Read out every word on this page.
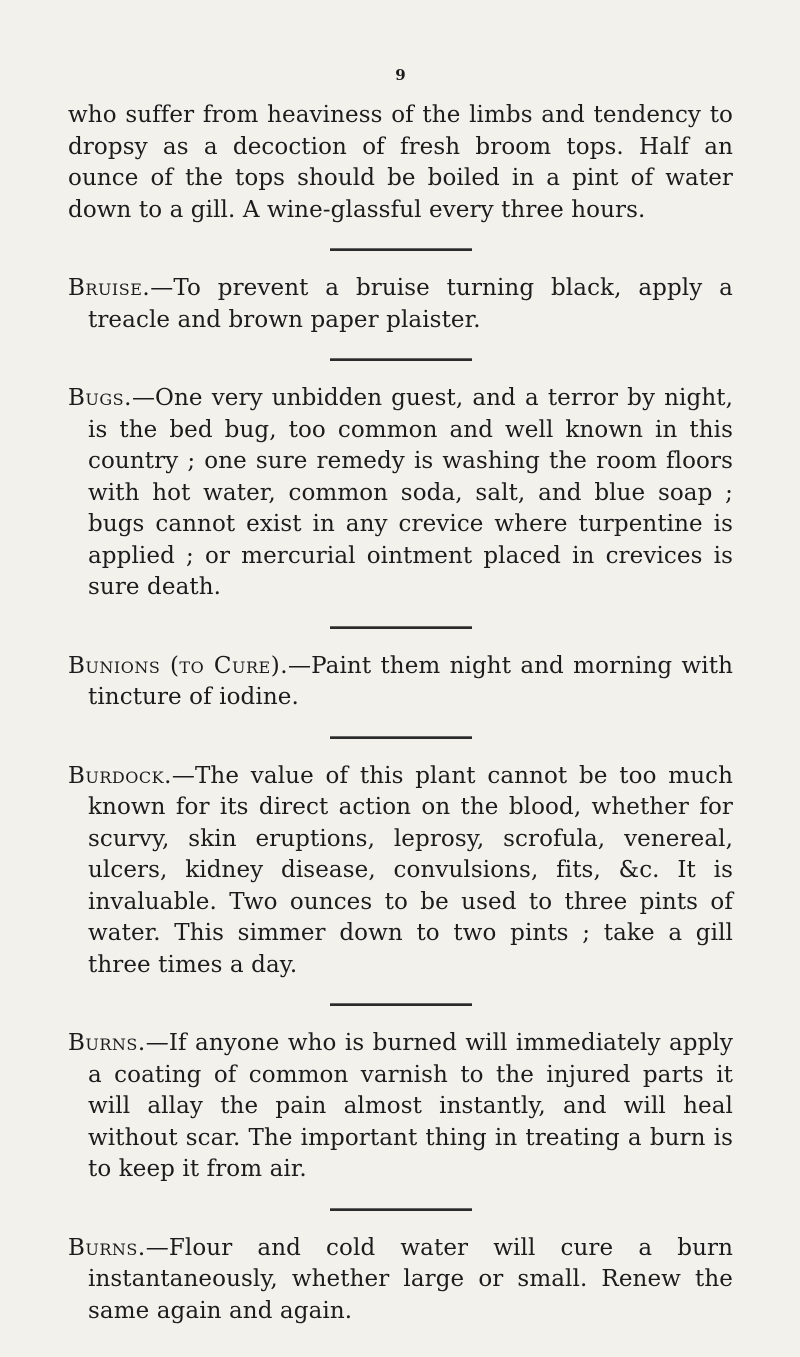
9

who suffer from heaviness of the limbs and tendency to dropsy as a decoction of fresh broom tops. Half an ounce of the tops should be boiled in a pint of water down to a gill. A wine-glassful every three hours.

Bruise.—To prevent a bruise turning black, apply a treacle and brown paper plaister.

Bugs.—One very unbidden guest, and a terror by night, is the bed bug, too common and well known in this country ; one sure remedy is washing the room floors with hot water, common soda, salt, and blue soap ; bugs cannot exist in any crevice where turpentine is applied ; or mercurial ointment placed in crevices is sure death.

Bunions (to Cure).—Paint them night and morning with tincture of iodine.

Burdock.—The value of this plant cannot be too much known for its direct action on the blood, whether for scurvy, skin eruptions, leprosy, scrofula, venereal, ulcers, kidney disease, convulsions, fits, &c. It is invaluable. Two ounces to be used to three pints of water. This simmer down to two pints ; take a gill three times a day.

Burns.—If anyone who is burned will immediately apply a coating of common varnish to the injured parts it will allay the pain almost instantly, and will heal without scar. The important thing in treating a burn is to keep it from air.

Burns.—Flour and cold water will cure a burn instantaneously, whether large or small. Renew the same again and again.
